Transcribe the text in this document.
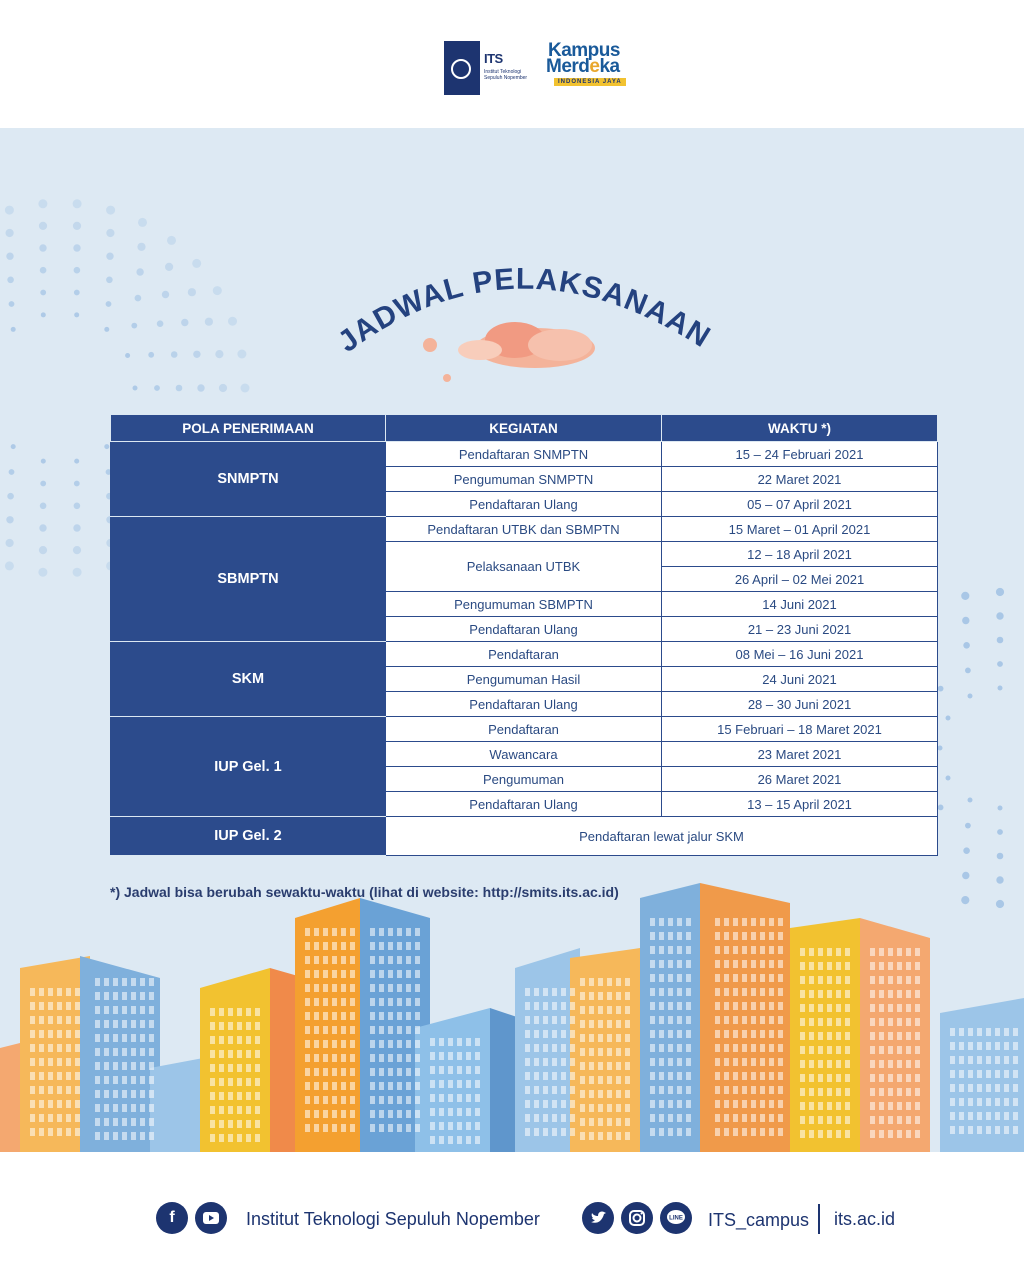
ITS
Institut Teknologi Sepuluh Nopember
Kampus
Merdeka
INDONESIA JAYA
JADWAL PELAKSANAAN
POLA PENERIMAAN	KEGIATAN	WAKTU *)
SNMPTN	Pendaftaran SNMPTN	15 – 24 Februari 2021
	Pengumuman SNMPTN	22 Maret 2021
	Pendaftaran Ulang	05 – 07 April 2021
SBMPTN	Pendaftaran UTBK dan SBMPTN	15 Maret – 01 April 2021
	Pelaksanaan UTBK	12 – 18 April 2021
		26 April – 02 Mei 2021
	Pengumuman SBMPTN	14 Juni 2021
	Pendaftaran Ulang	21 – 23 Juni 2021
SKM	Pendaftaran	08 Mei – 16 Juni 2021
	Pengumuman Hasil	24 Juni 2021
	Pendaftaran Ulang	28 – 30 Juni 2021
IUP Gel. 1	Pendaftaran	15 Februari – 18 Maret 2021
	Wawancara	23 Maret 2021
	Pengumuman	26 Maret 2021
	Pendaftaran Ulang	13 – 15 April 2021
IUP Gel. 2	Pendaftaran lewat jalur SKM	
*) Jadwal bisa berubah sewaktu-waktu (lihat di website: http://smits.its.ac.id)
f	Institut Teknologi Sepuluh Nopember	LINE ITS_campus its.ac.id
